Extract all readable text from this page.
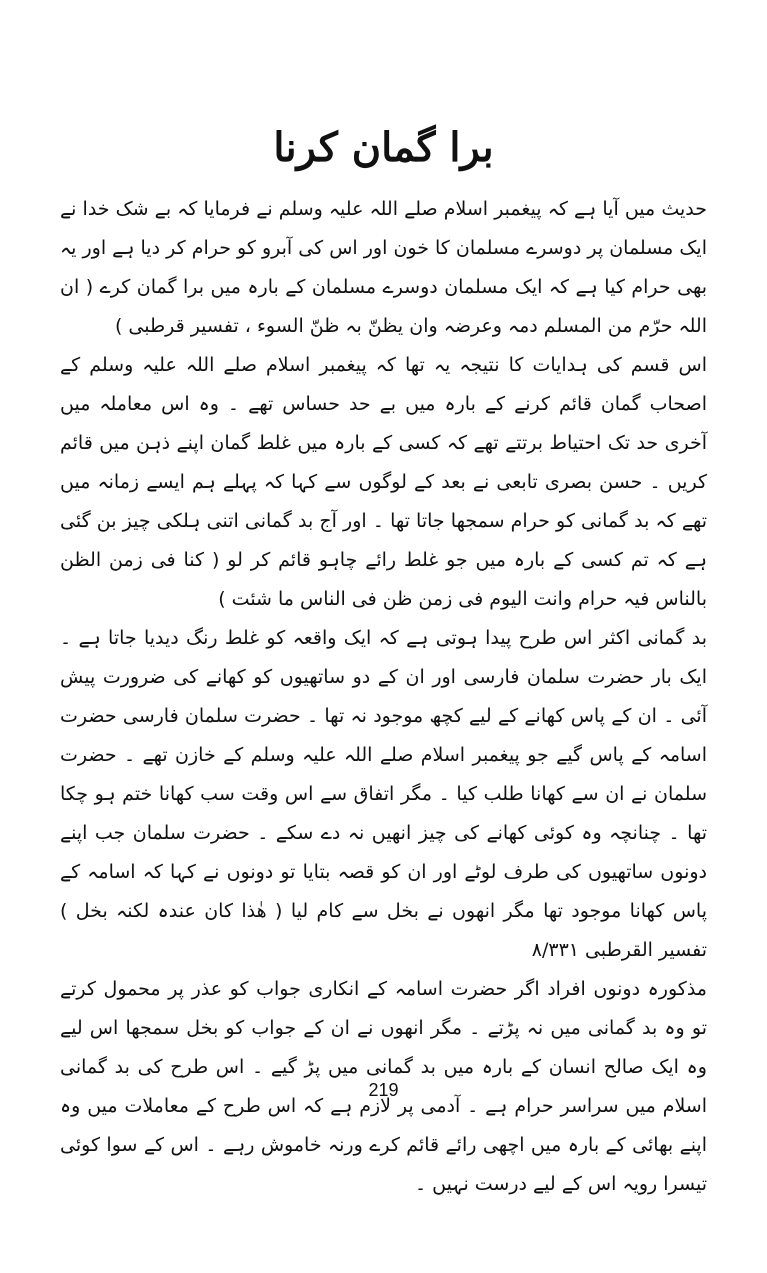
برا گمان کرنا

حدیث میں آیا ہے کہ پیغمبر اسلام صلے اللہ علیہ وسلم نے فرمایا کہ بے شک خدا نے ایک مسلمان پر دوسرے مسلمان کا خون اور اس کی آبرو کو حرام کر دیا ہے اور یہ بھی حرام کیا ہے کہ ایک مسلمان دوسرے مسلمان کے بارہ میں برا گمان کرے ( ان اللہ حرّم من المسلم دمہ وعرضہ وان یظنّ بہ ظنّ السوء ، تفسیر قرطبی )

اس قسم کی ہدایات کا نتیجہ یہ تھا کہ پیغمبر اسلام صلے اللہ علیہ وسلم کے اصحاب گمان قائم کرنے کے بارہ میں بے حد حساس تھے ۔ وہ اس معاملہ میں آخری حد تک احتیاط برتتے تھے کہ کسی کے بارہ میں غلط گمان اپنے ذہن میں قائم کریں ۔ حسن بصری تابعی نے بعد کے لوگوں سے کہا کہ پہلے ہم ایسے زمانہ میں تھے کہ بد گمانی کو حرام سمجھا جاتا تھا ۔ اور آج بد گمانی اتنی ہلکی چیز بن گئی ہے کہ تم کسی کے بارہ میں جو غلط رائے چاہو قائم کر لو ( کنا فی زمن الظن بالناس فیہ حرام وانت الیوم فی زمن ظن فی الناس ما شئت )

بد گمانی اکثر اس طرح پیدا ہوتی ہے کہ ایک واقعہ کو غلط رنگ دیدیا جاتا ہے ۔ ایک بار حضرت سلمان فارسی اور ان کے دو ساتھیوں کو کھانے کی ضرورت پیش آئی ۔ ان کے پاس کھانے کے لیے کچھ موجود نہ تھا ۔ حضرت سلمان فارسی حضرت اسامہ کے پاس گیے جو پیغمبر اسلام صلے اللہ علیہ وسلم کے خازن تھے ۔ حضرت سلمان نے ان سے کھانا طلب کیا ۔ مگر اتفاق سے اس وقت سب کھانا ختم ہو چکا تھا ۔ چنانچہ وہ کوئی کھانے کی چیز انھیں نہ دے سکے ۔ حضرت سلمان جب اپنے دونوں ساتھیوں کی طرف لوٹے اور ان کو قصہ بتایا تو دونوں نے کہا کہ اسامہ کے پاس کھانا موجود تھا مگر انھوں نے بخل سے کام لیا ( ھٰذا کان عندہ لکنہ بخل ) تفسیر القرطبی ۸/۳۳۱

مذکورہ دونوں افراد اگر حضرت اسامہ کے انکاری جواب کو عذر پر محمول کرتے تو وہ بد گمانی میں نہ پڑتے ۔ مگر انھوں نے ان کے جواب کو بخل سمجھا اس لیے وہ ایک صالح انسان کے بارہ میں بد گمانی میں پڑ گیے ۔ اس طرح کی بد گمانی اسلام میں سراسر حرام ہے ۔ آدمی پر لازم ہے کہ اس طرح کے معاملات میں وہ اپنے بھائی کے بارہ میں اچھی رائے قائم کرے ورنہ خاموش رہے ۔ اس کے سوا کوئی تیسرا رویہ اس کے لیے درست نہیں ۔

219
